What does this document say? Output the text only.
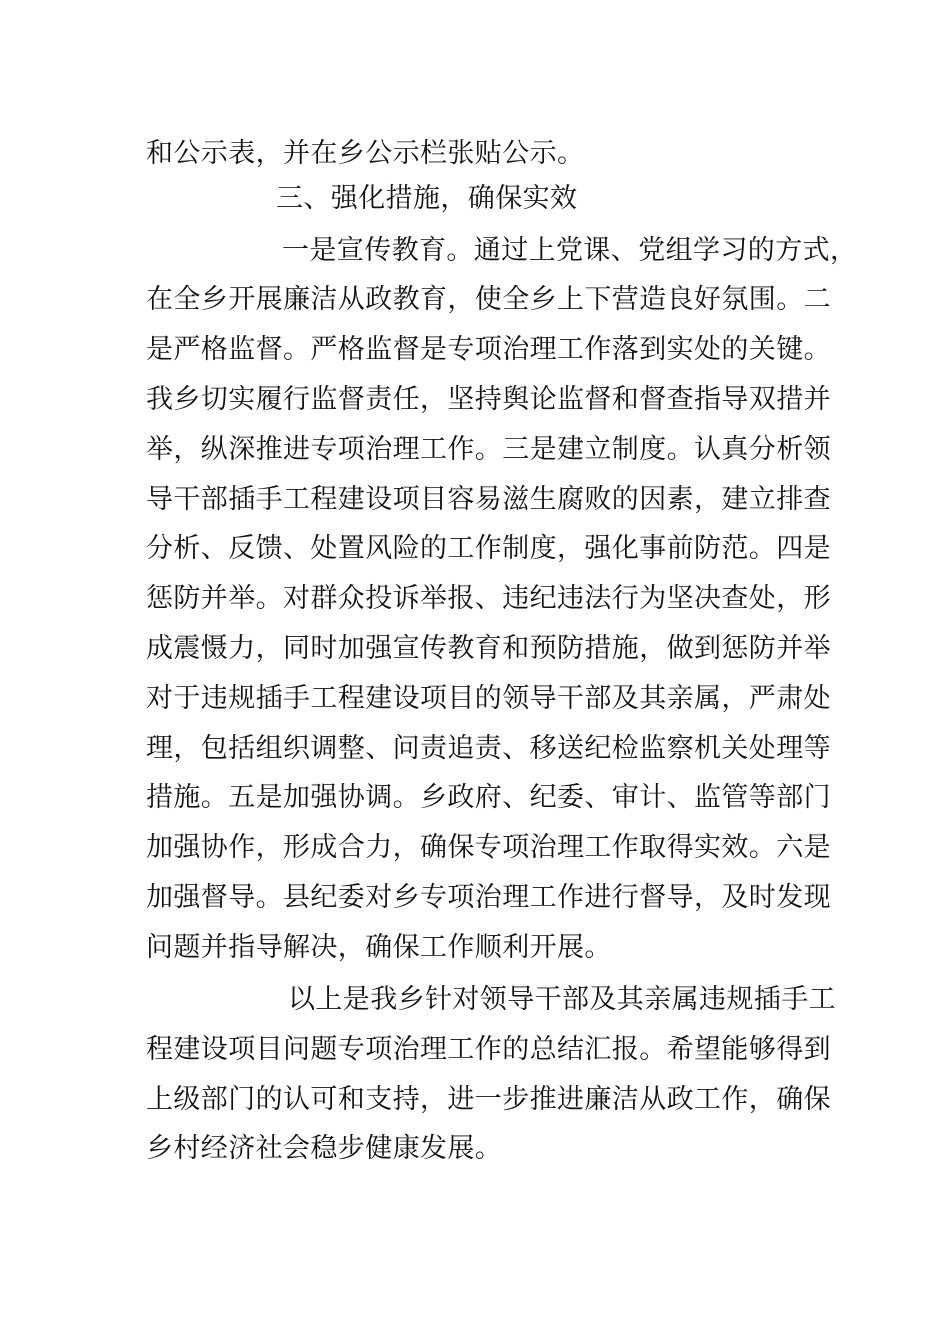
和公示表，并在乡公示栏张贴公示。
三、强化措施，确保实效
一是宣传教育。通过上党课、党组学习的方式，
在全乡开展廉洁从政教育，使全乡上下营造良好氛围。二
是严格监督。严格监督是专项治理工作落到实处的关键。
我乡切实履行监督责任，坚持舆论监督和督查指导双措并
举，纵深推进专项治理工作。三是建立制度。认真分析领
导干部插手工程建设项目容易滋生腐败的因素，建立排查
分析、反馈、处置风险的工作制度，强化事前防范。四是
惩防并举。对群众投诉举报、违纪违法行为坚决查处，形
成震慑力，同时加强宣传教育和预防措施，做到惩防并举
对于违规插手工程建设项目的领导干部及其亲属，严肃处
理，包括组织调整、问责追责、移送纪检监察机关处理等
措施。五是加强协调。乡政府、纪委、审计、监管等部门
加强协作，形成合力，确保专项治理工作取得实效。六是
加强督导。县纪委对乡专项治理工作进行督导，及时发现
问题并指导解决，确保工作顺利开展。
以上是我乡针对领导干部及其亲属违规插手工
程建设项目问题专项治理工作的总结汇报。希望能够得到
上级部门的认可和支持，进一步推进廉洁从政工作，确保
乡村经济社会稳步健康发展。
